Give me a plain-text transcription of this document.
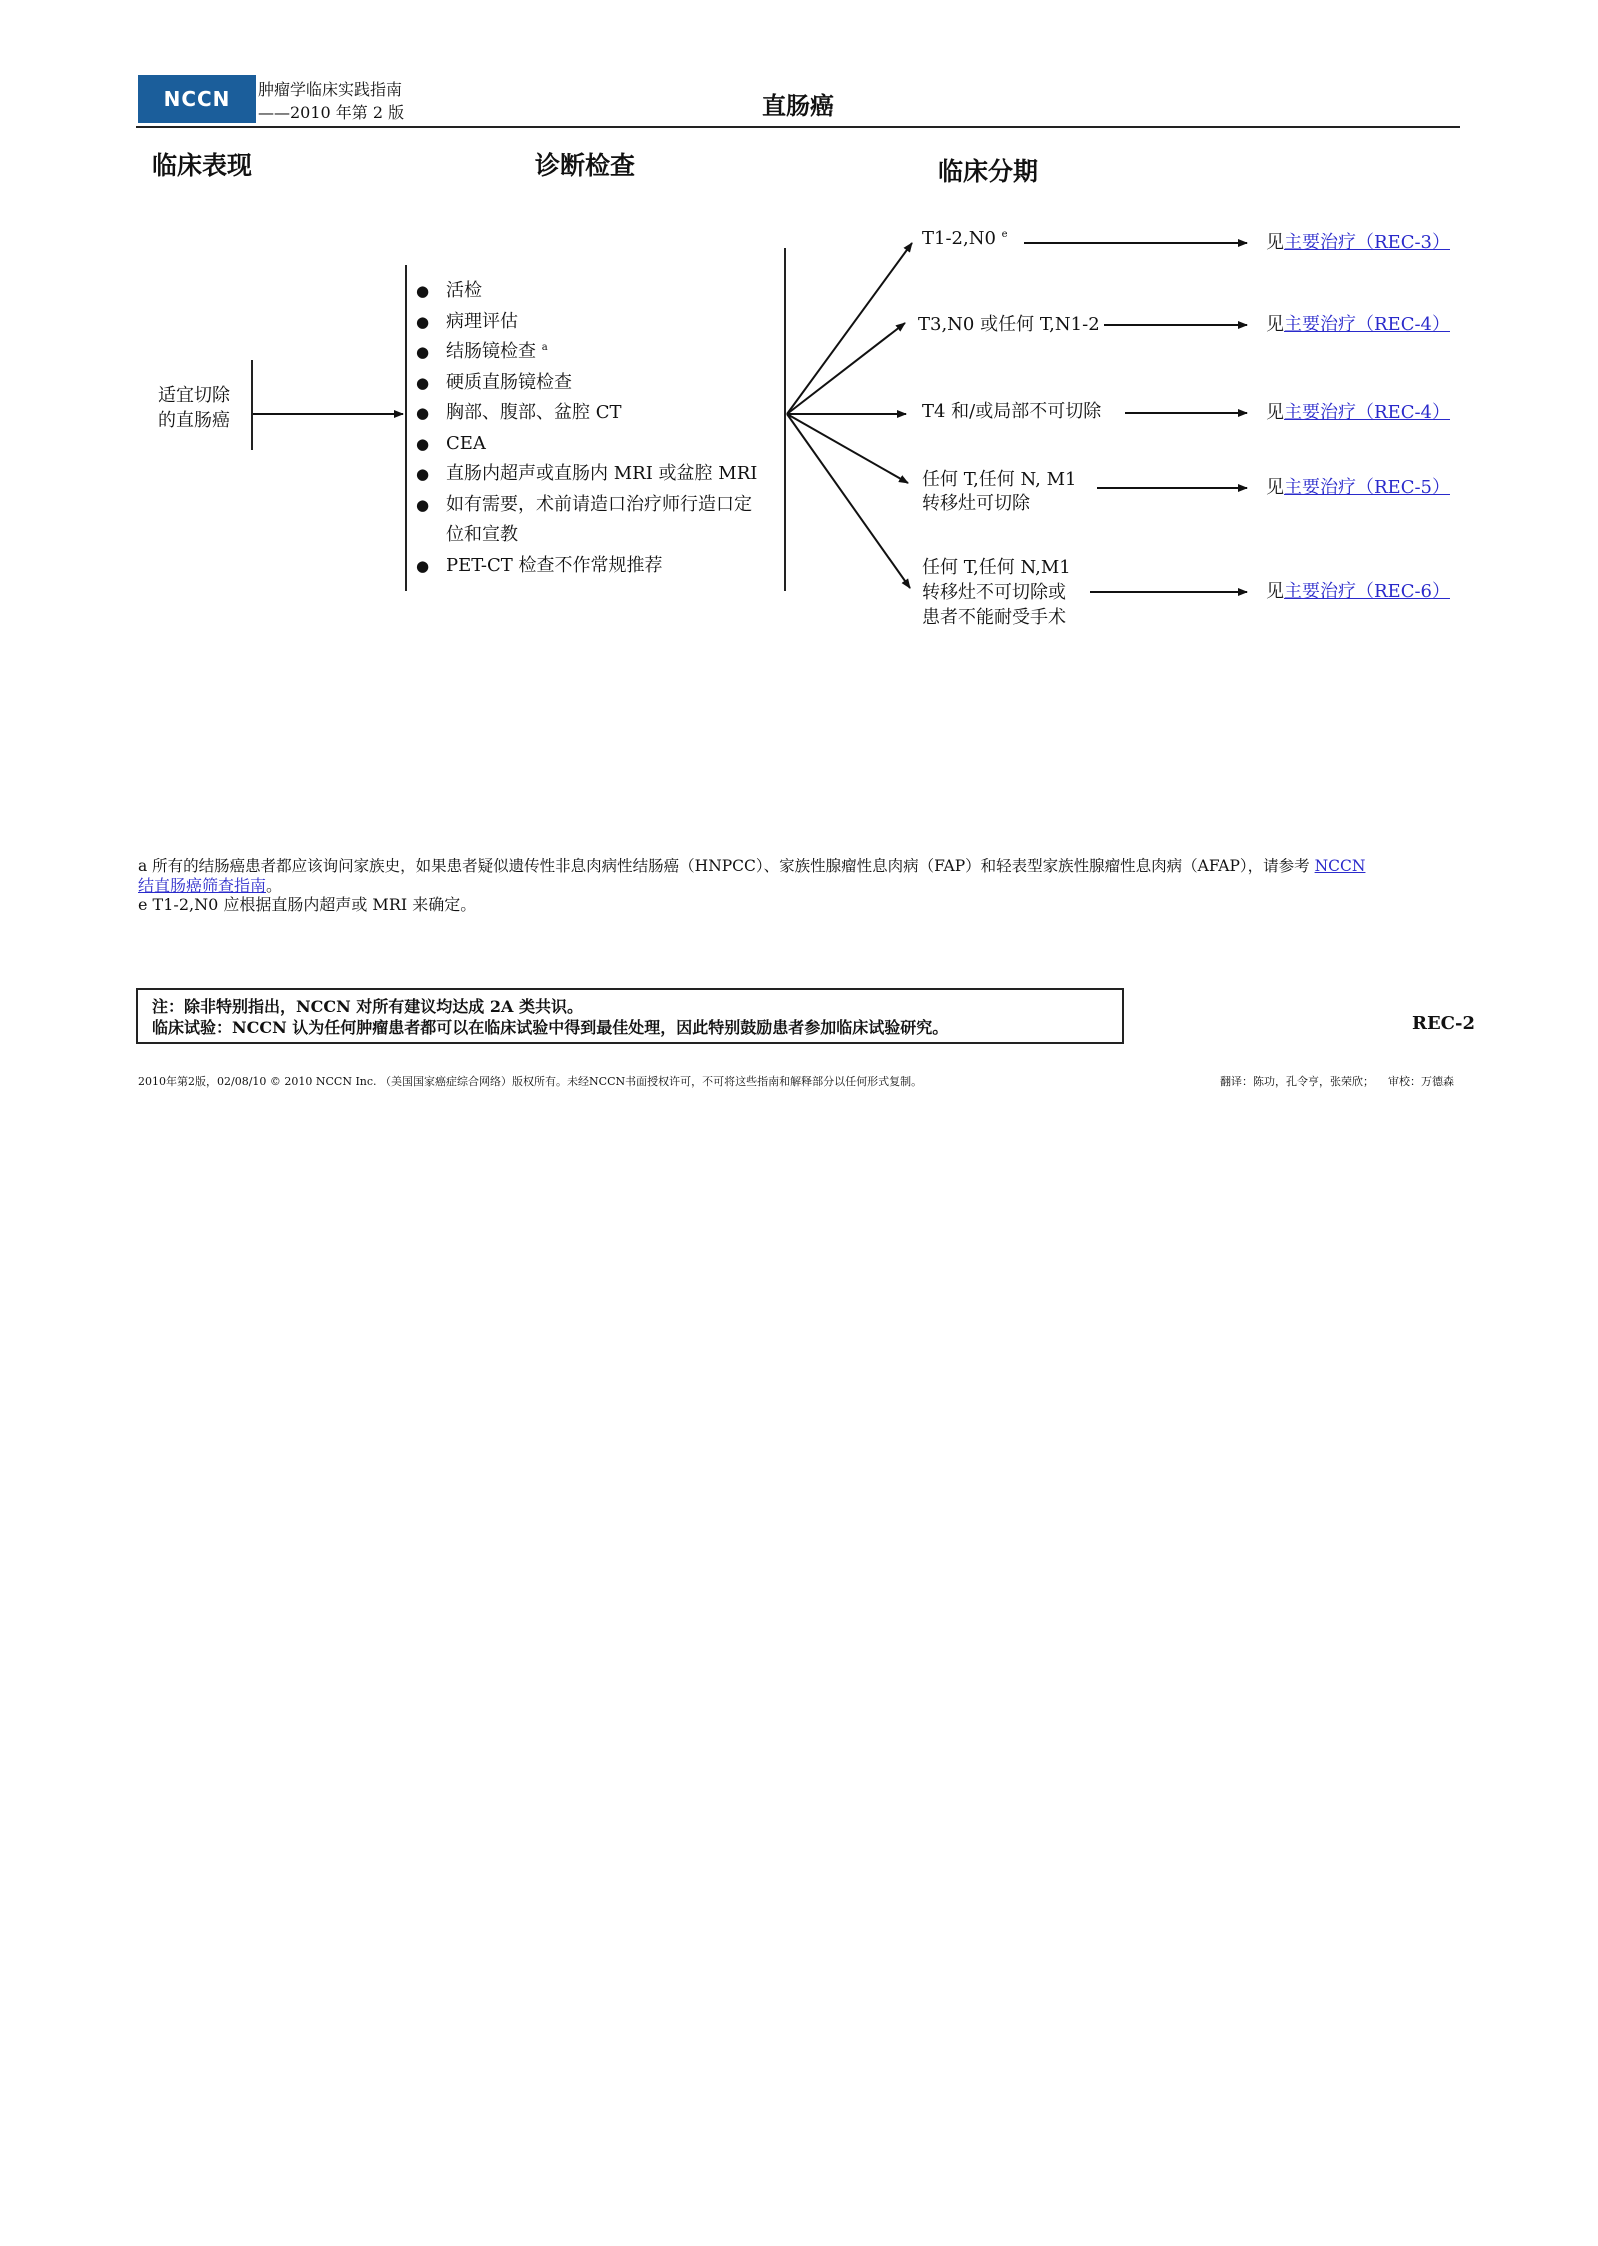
NCCN 肿瘤学临床实践指南
——2010 年第 2 版	直肠癌
临床表现	诊断检查	临床分期
适宜切除
的直肠癌
● 活检
● 病理评估
● 结肠镜检查 $^a$
● 硬质直肠镜检查
● 胸部、腹部、盆腔 CT
● CEA
● 直肠内超声或直肠内 MRI 或盆腔 MRI
● 如有需要，术前请造口治疗师行造口定
位和宣教
● PET-CT 检查不作常规推荐
T1-2,N0 $^e$
T3,N0 或任何 T,N1-2
T4 和/或局部不可切除
任何 T,任何 N, M1
转移灶可切除
任何 T,任何 N,M1
转移灶不可切除或
患者不能耐受手术
见主要治疗（REC-3）
见主要治疗（REC-4）
见主要治疗（REC-4）
见主要治疗（REC-5）
见主要治疗（REC-6）
a 所有的结肠癌患者都应该询问家族史，如果患者疑似遗传性非息肉病性结肠癌（HNPCC）、家族性腺瘤性息肉病（FAP）和轻表型家族性腺瘤性息肉病（AFAP），请参考 NCCN
结直肠癌筛查指南。
e T1-2,N0 应根据直肠内超声或 MRI 来确定。
注：除非特别指出，NCCN 对所有建议均达成 2A 类共识。
临床试验：NCCN 认为任何肿瘤患者都可以在临床试验中得到最佳处理，因此特别鼓励患者参加临床试验研究。	REC-2
2010年第2版，02/08/10 © 2010 NCCN Inc. （美国国家癌症综合网络）版权所有。未经NCCN书面授权许可，不可将这些指南和解释部分以任何形式复制。	翻译：陈功，孔令亨，张荣欣；    审校：万德森
